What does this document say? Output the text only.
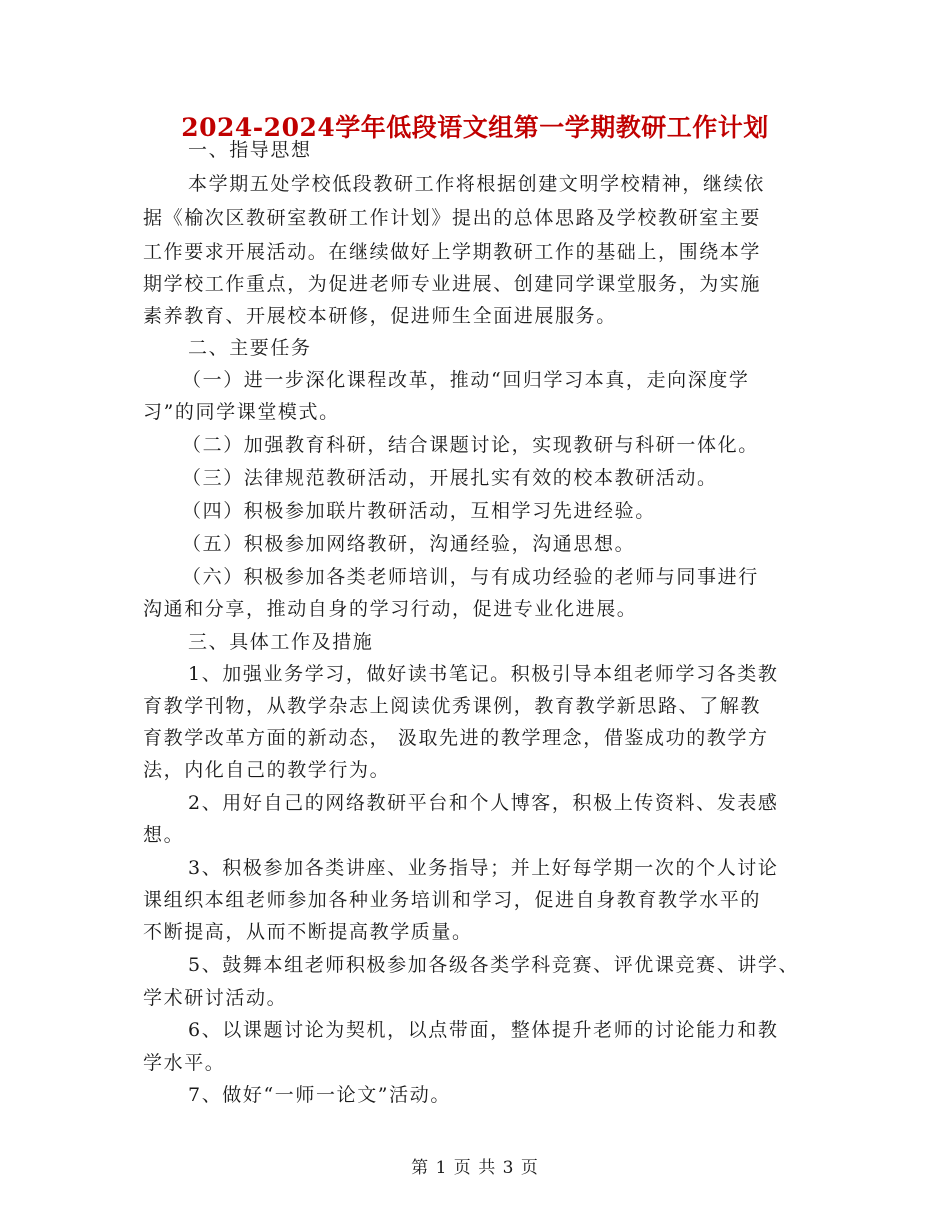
2024-2024学年低段语文组第一学期教研工作计划
一、指导思想
本学期五处学校低段教研工作将根据创建文明学校精神，继续依
据《榆次区教研室教研工作计划》提出的总体思路及学校教研室主要
工作要求开展活动。在继续做好上学期教研工作的基础上，围绕本学
期学校工作重点，为促进老师专业进展、创建同学课堂服务，为实施
素养教育、开展校本研修，促进师生全面进展服务。
二、主要任务
（一）进一步深化课程改革，推动“回归学习本真，走向深度学
习”的同学课堂模式。
（二）加强教育科研，结合课题讨论，实现教研与科研一体化。
（三）法律规范教研活动，开展扎实有效的校本教研活动。
（四）积极参加联片教研活动，互相学习先进经验。
（五）积极参加网络教研，沟通经验，沟通思想。
（六）积极参加各类老师培训，与有成功经验的老师与同事进行
沟通和分享，推动自身的学习行动，促进专业化进展。
三、具体工作及措施
1、加强业务学习，做好读书笔记。积极引导本组老师学习各类教
育教学刊物，从教学杂志上阅读优秀课例，教育教学新思路、了解教
育教学改革方面的新动态， 汲取先进的教学理念，借鉴成功的教学方
法，内化自己的教学行为。
2、用好自己的网络教研平台和个人博客，积极上传资料、发表感
想。
3、积极参加各类讲座、业务指导；并上好每学期一次的个人讨论
课组织本组老师参加各种业务培训和学习，促进自身教育教学水平的
不断提高，从而不断提高教学质量。
5、鼓舞本组老师积极参加各级各类学科竞赛、评优课竞赛、讲学、
学术研讨活动。
6、以课题讨论为契机，以点带面，整体提升老师的讨论能力和教
学水平。
7、做好“一师一论文”活动。
第 1 页 共 3 页
